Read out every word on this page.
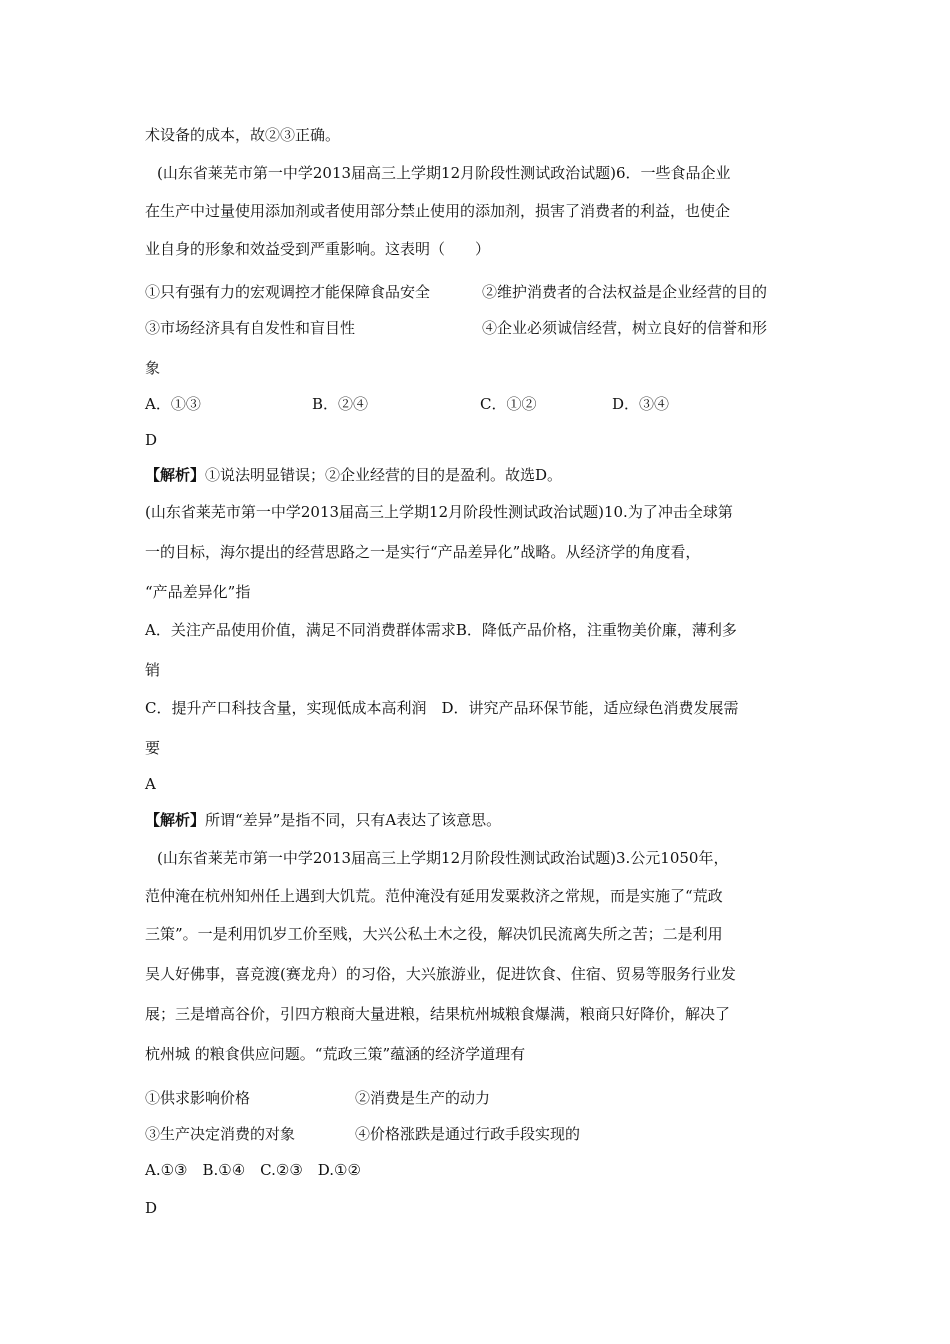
术设备的成本，故②③正确。
(山东省莱芜市第一中学2013届高三上学期12月阶段性测试政治试题)6．一些食品企业
在生产中过量使用添加剂或者使用部分禁止使用的添加剂，损害了消费者的利益，也使企
业自身的形象和效益受到严重影响。这表明（　　）
①只有强有力的宏观调控才能保障食品安全	②维护消费者的合法权益是企业经营的目的
③市场经济具有自发性和盲目性	④企业必须诚信经营，树立良好的信誉和形
象
A．①③	B．②④	C．①②	D．③④
D
【解析】①说法明显错误；②企业经营的目的是盈利。故选D。
(山东省莱芜市第一中学2013届高三上学期12月阶段性测试政治试题)10.为了冲击全球第
一的目标，海尔提出的经营思路之一是实行“产品差异化”战略。从经济学的角度看，
“产品差异化”指
A．关注产品使用价值，满足不同消费群体需求B．降低产品价格，注重物美价廉，薄利多
销
C．提升产口科技含量，实现低成本高利润　D．讲究产品环保节能，适应绿色消费发展需
要
A
【解析】所谓“差异”是指不同，只有A表达了该意思。
(山东省莱芜市第一中学2013届高三上学期12月阶段性测试政治试题)3.公元1050年，
范仲淹在杭州知州任上遇到大饥荒。范仲淹没有延用发粟救济之常规，而是实施了“荒政
三策”。一是利用饥岁工价至贱，大兴公私土木之役，解决饥民流离失所之苦；二是利用
吴人好佛事，喜竞渡(赛龙舟）的习俗，大兴旅游业，促进饮食、住宿、贸易等服务行业发
展；三是增高谷价，引四方粮商大量进粮，结果杭州城粮食爆满，粮商只好降价，解决了
杭州城 的粮食供应问题。“荒政三策”蕴涵的经济学道理有
①供求影响价格	②消费是生产的动力
③生产决定消费的对象	④价格涨跌是通过行政手段实现的
A.①③　B.①④　C.②③　D.①②
D
